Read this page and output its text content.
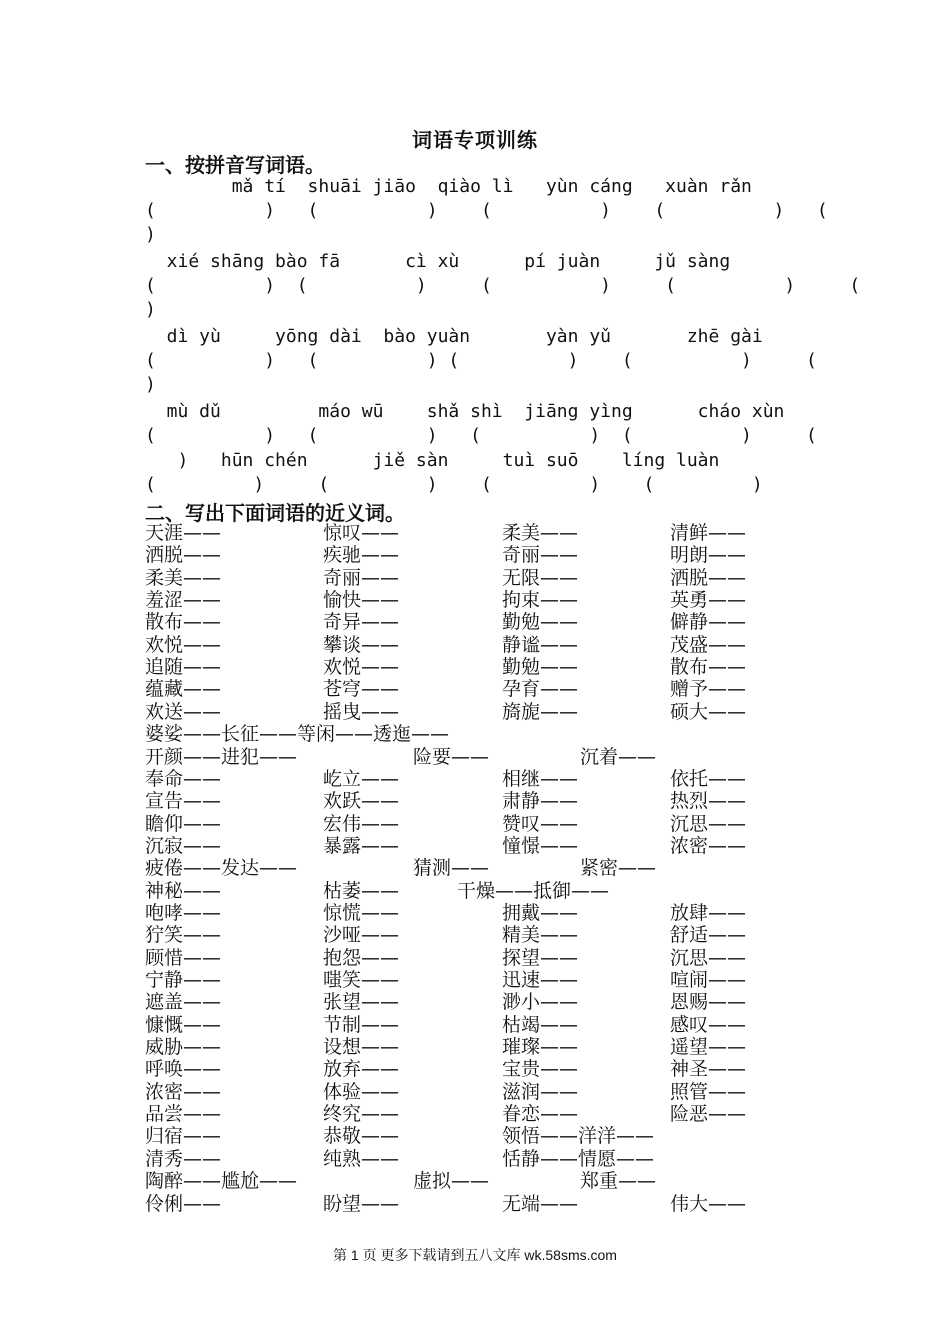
词语专项训练
一、按拼音写词语。
mǎ tí  shuāi jiāo  qiào lì   yùn cáng   xuàn rǎn
(          )   (          )    (          )    (          )   (
)
xié shāng bào fā      cì xù      pí juàn     jǔ sàng
(          )  (          )     (          )     (          )     (
)
dì yù     yōng dài  bào yuàn       yàn yǔ       zhē gài
(          )   (          ) (          )    (          )     (
)
mù dǔ         máo wū    shǎ shì  jiāng yìng      cháo xùn
(          )   (          )   (          )  (          )     (
)   hūn chén      jiě sàn     tuì suō    líng luàn
(         )     (         )    (         )    (         )
二、写出下面词语的近义词。
天涯——	惊叹——	柔美——	清鲜——
洒脱——	疾驰——	奇丽——	明朗——
柔美——	奇丽——	无限——	洒脱——
羞涩——	愉快——	拘束——	英勇——
散布——	奇异——	勤勉——	僻静——
欢悦——	攀谈——	静谧——	茂盛——
追随——	欢悦——	勤勉——	散布——
蕴藏——	苍穹——	孕育——	赠予——
欢送——	摇曳——	旖旎——	硕大——
婆娑——长征——等闲——透迤——
开颜——进犯——	险要——	沉着——
奉命——	屹立——	相继——	依托——
宣告——	欢跃——	肃静——	热烈——
瞻仰——	宏伟——	赞叹——	沉思——
沉寂——	暴露——	憧憬——	浓密——
疲倦——发达——	猜测——	紧密——
神秘——	枯萎——	干燥——抵御——
咆哮——	惊慌——	拥戴——	放肆——
狞笑——	沙哑——	精美——	舒适——
顾惜——	抱怨——	探望——	沉思——
宁静——	嗤笑——	迅速——	喧闹——
遮盖——	张望——	渺小——	恩赐——
慷慨——	节制——	枯竭——	感叹——
威胁——	设想——	璀璨——	遥望——
呼唤——	放弃——	宝贵——	神圣——
浓密——	体验——	滋润——	照管——
品尝——	终究——	眷恋——	险恶——
归宿——	恭敬——	领悟——洋洋——
清秀——	纯熟——	恬静——情愿——
陶醉——尴尬——	虚拟——	郑重——
伶俐——	盼望——	无端——	伟大——
第 1 页 更多下载请到五八文库 wk.58sms.com
